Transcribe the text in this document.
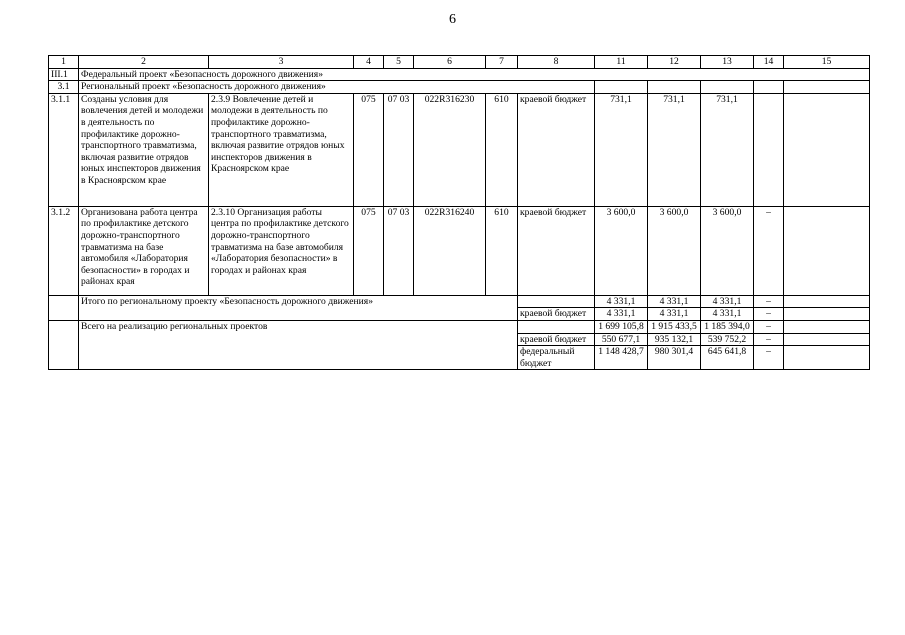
6
1	2	3	4	5	6	7	8	11	12	13	14	15
III.1	Федеральный проект «Безопасность дорожного движения»											
3.1	Региональный проект «Безопасность дорожного движения»											
3.1.1	Созданы условия для вовлечения детей и молодежи в деятельность по профилактике дорожно-транспортного травматизма, включая развитие отрядов юных инспекторов движения в Красноярском крае	2.3.9 Вовлечение детей и молодежи в деятельность по профилактике дорожно-транспортного травматизма, включая развитие отрядов юных инспекторов движения в Красноярском крае	075	07 03	022R316230	610	краевой бюджет	731,1	731,1	731,1		
3.1.2	Организована работа центра по профилактике детского дорожно-транспортного травматизма на базе автомобиля «Лаборатория безопасности» в городах и районах края	2.3.10 Организация работы центра по профилактике детского дорожно-транспортного травматизма на базе автомобиля «Лаборатория безопасности» в городах и районах края	075	07 03	022R316240	610	краевой бюджет	3 600,0	3 600,0	3 600,0	–	
	Итого по региональному проекту «Безопасность дорожного движения»							4 331,1	4 331,1	4 331,1	–	
							краевой бюджет	4 331,1	4 331,1	4 331,1	–	
	Всего на реализацию региональных проектов							1 699 105,8	1 915 433,5	1 185 394,0	–	
							краевой бюджет	550 677,1	935 132,1	539 752,2	–	
							федеральный бюджет	1 148 428,7	980 301,4	645 641,8	–	
